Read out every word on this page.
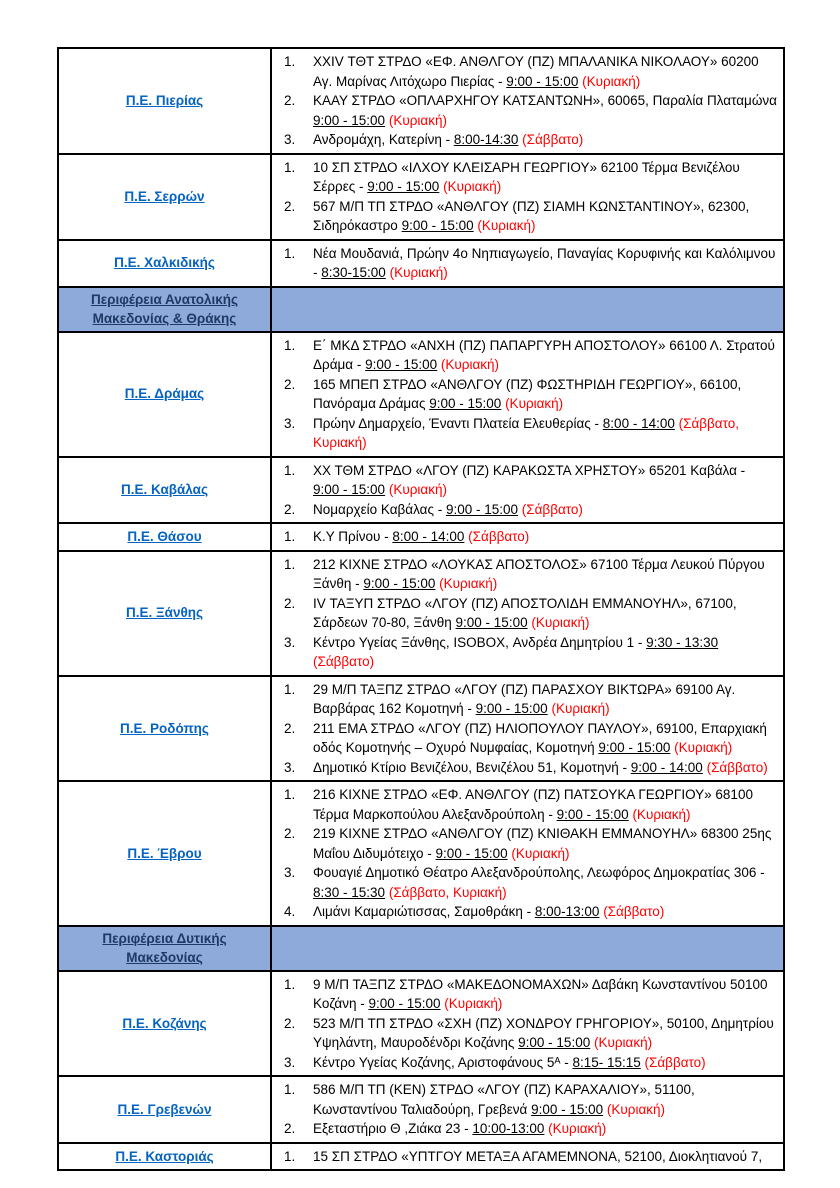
Π.Ε. Πιερίας	
1.	XXIV ΤΘΤ ΣΤΡΔΟ «ΕΦ. ΑΝΘΛΓΟΥ (ΠΖ) ΜΠΑΛΑΝΙΚΑ ΝΙΚΟΛΑΟΥ» 60200 Αγ. Μαρίνας Λιτόχωρο Πιερίας - 9:00 - 15:00 (Κυριακή)
2.	ΚΑΑΥ ΣΤΡΔΟ «ΟΠΛΑΡΧΗΓΟΥ ΚΑΤΣΑΝΤΩΝΗ», 60065, Παραλία Πλαταμώνα 9:00 - 15:00 (Κυριακή)
3.	Ανδρομάχη, Κατερίνη - 8:00-14:30 (Σάββατο)

Π.Ε. Σερρών	1. 10 ΣΠ ΣΤΡΔΟ «ΙΛΧΟΥ ΚΛΕΙΣΑΡΗ ΓΕΩΡΓΙΟΥ» 62100 Τέρμα Βενιζέλου Σέρρες - 9:00 - 15:00 (Κυριακή)
2. 567 Μ/Π ΤΠ ΣΤΡΔΟ «ΑΝΘΛΓΟΥ (ΠΖ) ΣΙΑΜΗ ΚΩΝΣΤΑΝΤΙΝΟΥ», 62300, Σιδηρόκαστρο 9:00 - 15:00 (Κυριακή)

Π.Ε. Χαλκιδικής	1. Νέα Μουδανιά, Πρώην 4ο Νηπιαγωγείο, Παναγίας Κορυφινής και Καλόλιμνου - 8:30-15:00 (Κυριακή)

Περιφέρεια Ανατολικής Μακεδονίας & Θράκης	
Π.Ε. Δράμας	
1.	Ε΄ ΜΚΔ ΣΤΡΔΟ «ΑΝΧΗ (ΠΖ) ΠΑΠΑΡΓΥΡΗ ΑΠΟΣΤΟΛΟΥ» 66100 Λ. Στρατού Δράμα - 9:00 - 15:00 (Κυριακή)
2.	165 ΜΠΕΠ ΣΤΡΔΟ «ΑΝΘΛΓΟΥ (ΠΖ) ΦΩΣΤΗΡΙΔΗ ΓΕΩΡΓΙΟΥ», 66100, Πανόραμα Δράμας 9:00 - 15:00 (Κυριακή)
3.	Πρώην Δημαρχείο, Έναντι Πλατεία Ελευθερίας - 8:00 - 14:00 (Σάββατο, Κυριακή)

Π.Ε. Καβάλας	1. ΧΧ ΤΘΜ ΣΤΡΔΟ «ΛΓΟΥ (ΠΖ) ΚΑΡΑΚΩΣΤΑ ΧΡΗΣΤΟΥ» 65201 Καβάλα - 9:00 - 15:00 (Κυριακή)
2. Νομαρχείο Καβάλας - 9:00 - 15:00 (Σάββατο)

Π.Ε. Θάσου	1. Κ.Υ Πρίνου - 8:00 - 14:00 (Σάββατο)

Π.Ε. Ξάνθης	
1.	212 ΚΙΧΝΕ ΣΤΡΔΟ «ΛΟΥΚΑΣ ΑΠΟΣΤΟΛΟΣ» 67100 Τέρμα Λευκού Πύργου Ξάνθη - 9:00 - 15:00 (Κυριακή)
2.	IV ΤΑΞΥΠ ΣΤΡΔΟ «ΛΓΟΥ (ΠΖ) ΑΠΟΣΤΟΛΙΔΗ ΕΜΜΑΝΟΥΗΛ», 67100, Σάρδεων 70-80, Ξάνθη 9:00 - 15:00 (Κυριακή)
3.	Κέντρο Υγείας Ξάνθης, ISOBOX, Ανδρέα Δημητρίου 1 - 9:30 - 13:30 (Σάββατο)

Π.Ε. Ροδόπης	
1.	29 Μ/Π ΤΑΞΠΖ ΣΤΡΔΟ «ΛΓΟΥ (ΠΖ) ΠΑΡΑΣΧΟΥ ΒΙΚΤΩΡΑ» 69100 Αγ. Βαρβάρας 162 Κομοτηνή - 9:00 - 15:00 (Κυριακή)
2.	211 ΕΜΑ ΣΤΡΔΟ «ΛΓΟΥ (ΠΖ) ΗΛΙΟΠΟΥΛΟΥ ΠΑΥΛΟΥ», 69100, Επαρχιακή οδός Κομοτηνής – Οχυρό Νυμφαίας, Κομοτηνή 9:00 - 15:00 (Κυριακή)
3.	Δημοτικό Κτίριο Βενιζέλου, Βενιζέλου 51, Κομοτηνή - 9:00 - 14:00 (Σάββατο)

Π.Ε. Έβρου	
1.	216 ΚΙΧΝΕ ΣΤΡΔΟ «ΕΦ. ΑΝΘΛΓΟΥ (ΠΖ) ΠΑΤΣΟΥΚΑ ΓΕΩΡΓΙΟΥ» 68100 Τέρμα Μαρκοπούλου Αλεξανδρούπολη - 9:00 - 15:00 (Κυριακή)
2.	219 ΚΙΧΝΕ ΣΤΡΔΟ «ΑΝΘΛΓΟΥ (ΠΖ) ΚΝΙΘΑΚΗ ΕΜΜΑΝΟΥΗΛ» 68300 25ης Μαΐου Διδυμότειχο - 9:00 - 15:00 (Κυριακή)
3.	Φουαγιέ Δημοτικό Θέατρο Αλεξανδρούπολης, Λεωφόρος Δημοκρατίας 306 - 8:30 - 15:30 (Σάββατο, Κυριακή)
4.	Λιμάνι Καμαριώτισσας, Σαμοθράκη - 8:00-13:00 (Σάββατο)

Περιφέρεια Δυτικής Μακεδονίας	
Π.Ε. Κοζάνης	
1.	9 Μ/Π ΤΑΞΠΖ ΣΤΡΔΟ «ΜΑΚΕΔΟΝΟΜΑΧΩΝ» Δαβάκη Κωνσταντίνου 50100 Κοζάνη - 9:00 - 15:00 (Κυριακή)
2.	523 Μ/Π ΤΠ ΣΤΡΔΟ «ΣΧΗ (ΠΖ) ΧΟΝΔΡΟΥ ΓΡΗΓΟΡΙΟΥ», 50100, Δημητρίου Υψηλάντη, Μαυροδένδρι Κοζάνης 9:00 - 15:00 (Κυριακή)
3.	Κέντρο Υγείας Κοζάνης, Αριστοφάνους 5ᴬ - 8:15- 15:15 (Σάββατο)

Π.Ε. Γρεβενών	1. 586 Μ/Π ΤΠ (ΚΕΝ) ΣΤΡΔΟ «ΛΓΟΥ (ΠΖ) ΚΑΡΑΧΑΛΙΟΥ», 51100, Κωνσταντίνου Ταλιαδούρη, Γρεβενά 9:00 - 15:00 (Κυριακή)
2. Εξεταστήριο Θ ,Ζιάκα 23 - 10:00-13:00 (Κυριακή)

Π.Ε. Καστοριάς	1. 15 ΣΠ ΣΤΡΔΟ «ΥΠΤΓΟΥ ΜΕΤΑΞΑ ΑΓΑΜΕΜΝΟΝΑ, 52100, Διοκλητιανού 7,
